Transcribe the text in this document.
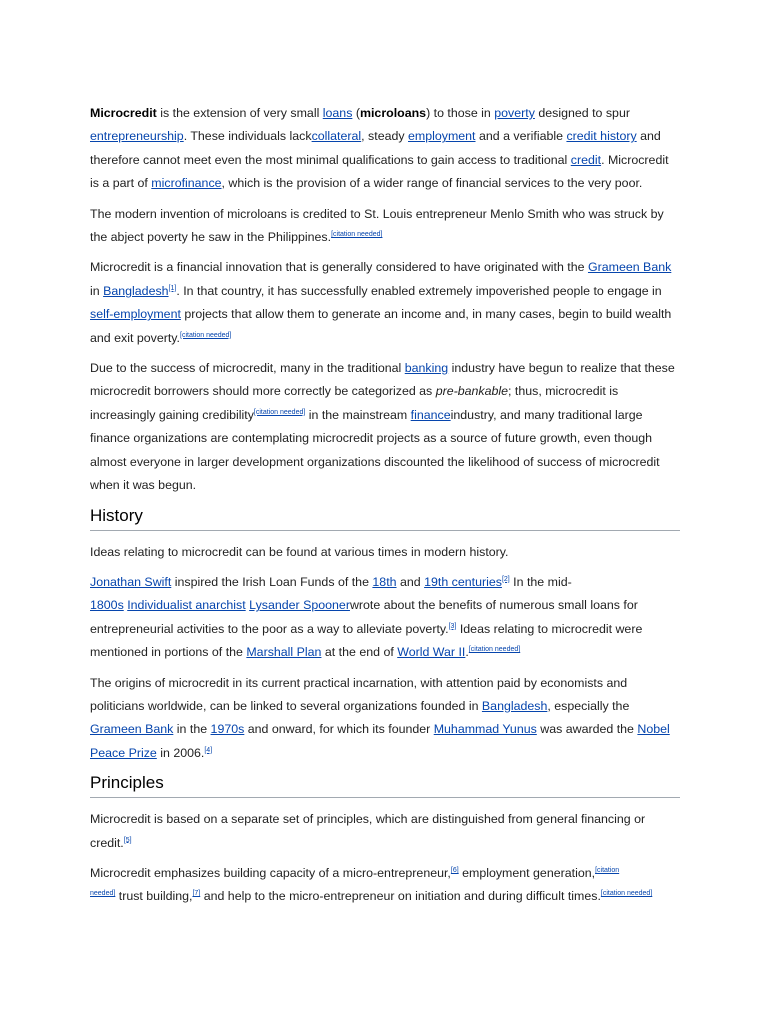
Microcredit is the extension of very small loans (microloans) to those in poverty designed to spur entrepreneurship. These individuals lackcollateral, steady employment and a verifiable credit history and therefore cannot meet even the most minimal qualifications to gain access to traditional credit. Microcredit is a part of microfinance, which is the provision of a wider range of financial services to the very poor.

The modern invention of microloans is credited to St. Louis entrepreneur Menlo Smith who was struck by the abject poverty he saw in the Philippines.[citation needed]

Microcredit is a financial innovation that is generally considered to have originated with the Grameen Bank in Bangladesh[1]. In that country, it has successfully enabled extremely impoverished people to engage in self-employment projects that allow them to generate an income and, in many cases, begin to build wealth and exit poverty.[citation needed]

Due to the success of microcredit, many in the traditional banking industry have begun to realize that these microcredit borrowers should more correctly be categorized as pre-bankable; thus, microcredit is increasingly gaining credibility[citation needed] in the mainstream financeindustry, and many traditional large finance organizations are contemplating microcredit projects as a source of future growth, even though almost everyone in larger development organizations discounted the likelihood of success of microcredit when it was begun.

History

Ideas relating to microcredit can be found at various times in modern history.

Jonathan Swift inspired the Irish Loan Funds of the 18th and 19th centuries[2] In the mid-
1800s Individualist anarchist Lysander Spoonerwrote about the benefits of numerous small loans for entrepreneurial activities to the poor as a way to alleviate poverty.[3] Ideas relating to microcredit were mentioned in portions of the Marshall Plan at the end of World War II.[citation needed]

The origins of microcredit in its current practical incarnation, with attention paid by economists and politicians worldwide, can be linked to several organizations founded in Bangladesh, especially the Grameen Bank in the 1970s and onward, for which its founder Muhammad Yunus was awarded the Nobel Peace Prize in 2006.[4]

Principles

Microcredit is based on a separate set of principles, which are distinguished from general financing or credit.[5]

Microcredit emphasizes building capacity of a micro-entrepreneur,[6] employment generation,[citation
needed] trust building,[7] and help to the micro-entrepreneur on initiation and during difficult times.[citation needed]
